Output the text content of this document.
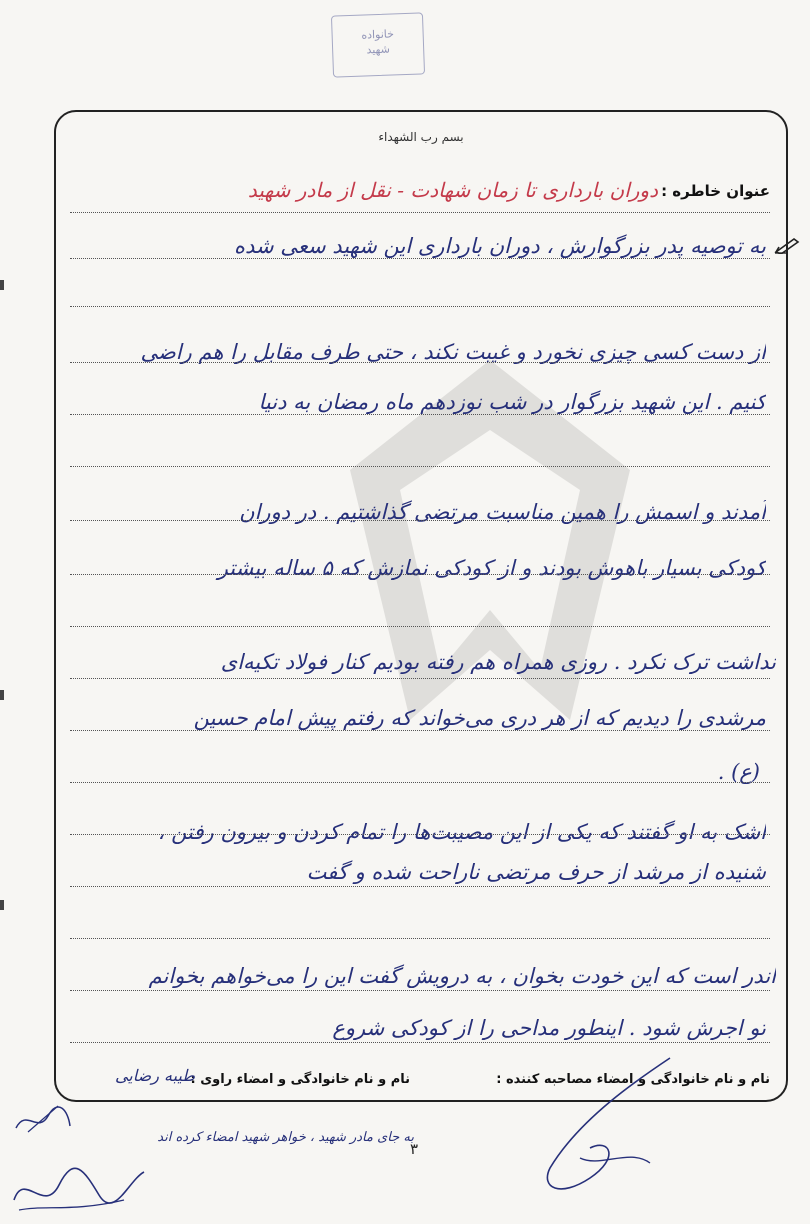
خانواده
شهید
بسم رب الشهداء
عنوان خاطره :
دوران بارداری تا زمان شهادت - نقل از مادر شهید
به توصیه پدر بزرگوارش ، دوران بارداری این شهید سعی شده
از دست کسی چیزی نخورد و غیبت نکند ، حتی طرف مقابل را هم راضی
کنیم . این شهید بزرگوار در شب نوزدهم ماه رمضان به دنیا
آمدند و اسمش را همین مناسبت مرتضی گذاشتیم . در دوران
کودکی بسیار باهوش بودند و از کودکی نمازش که ۵ ساله بیشتر
نداشت ترک نکرد . روزی همراه هم رفته بودیم کنار فولاد تکیه‌ای
مرشدی را دیدیم که از هر دری می‌خواند که رفتم پیش امام حسین
(ع) .
اشک به او گفتند که یکی از این مصیبت‌ها را تمام کردن و بیرون رفتن ،
شنیده از مرشد از حرف مرتضی ناراحت شده و گفت
اندر است که این خودت بخوان ، به درویش گفت این را می‌خواهم بخوانم
تو اجرش شود . اینطور مداحی را از کودکی شروع
نام و نام خانوادگی و امضاء مصاحبه کننده :
نام و نام خانوادگی و امضاء راوی :
طیبه رضایی
۳
به جای مادر شهید ، خواهر شهید امضاء کرده اند
